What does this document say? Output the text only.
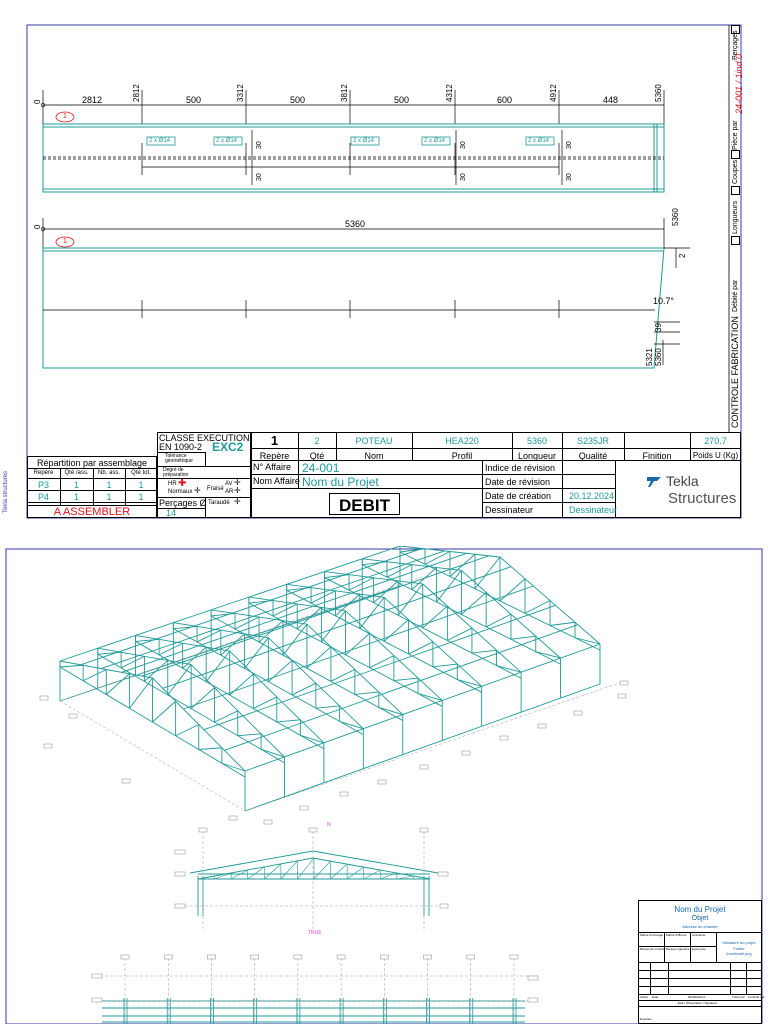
Tekla structures
0	2812	2812	500	3312	500	3812	500	4312	600	4912	448	5360
1
2 x Ø14	2 x Ø14	2 x Ø14	2 x Ø14	2 x Ø14
30
30
30
30
30
30
0	5360	5360
2
10.7°
39
5321 5360
1
Perçages
24-001 / 1ind 0
Pièce par
Coupes
Longueurs
Débité par
CONTROLE FABRICATION
Répartition par assemblage
Repère	Qté /ass.	Nb. ass.	Qté tot.
P3	1	1	1
P4	1	1	1
A ASSEMBLER
CLASSE EXECUTION
EN 1090-2 EXC2
Tolérance géométrique
Degré de préparation
HR ✚	Fraisé
AV
AR
✛
✛
Normaux ✛
Perçages Ø Taraudé ✛
14
1	2	POTEAU	HEA220	5360	S235JR	270.7
Repère	Qté	Nom	Profil	Longueur	Qualité	Finition	Poids U (Kg)
N° Affaire 24-001
Nom Affaire Nom du Projet
DEBIT
Indice de révision
Date de révision
Date de création 20.12.2024
Dessinateur	Dessinateur
Tekla
Structures
N
TRUE
Nom du Projet
Objet
Adresse du chantier
Maître d'Ouvrage Maître d'Œuvre Architecte
Bureau de contrôle Bureau ingénierie Entreprise
Miniature du projet
Folder
thumbnail.png
Indice Date	Modifications	Tracé par Contrôlé par
Etat / Observation / Signature
Emetteur
